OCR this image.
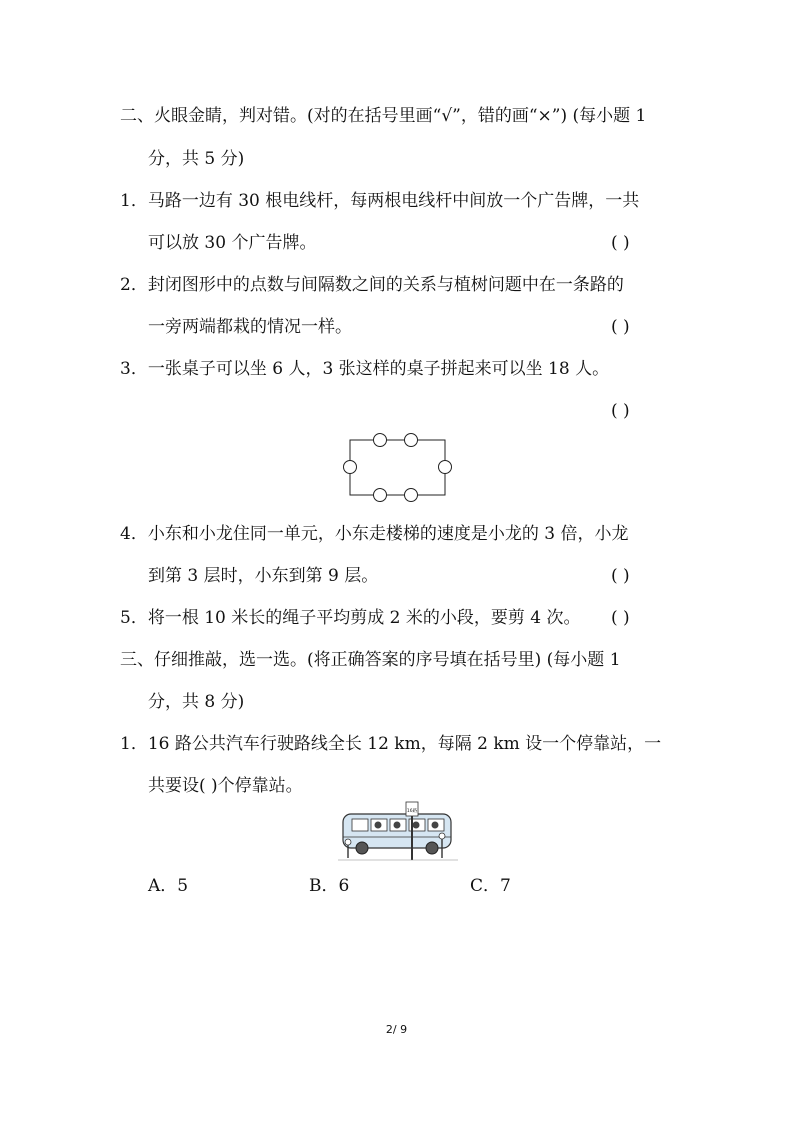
二、火眼金睛，判对错。(对的在括号里画“√”，错的画“×”) (每小题 1
分，共 5 分)
1．马路一边有 30 根电线杆，每两根电线杆中间放一个广告牌，一共
可以放 30 个广告牌。	( )
2．封闭图形中的点数与间隔数之间的关系与植树问题中在一条路的
一旁两端都栽的情况一样。	( )
3．一张桌子可以坐 6 人，3 张这样的桌子拼起来可以坐 18 人。
( )
4．小东和小龙住同一单元，小东走楼梯的速度是小龙的 3 倍，小龙
到第 3 层时，小东到第 9 层。	( )
5．将一根 10 米长的绳子平均剪成 2 米的小段，要剪 4 次。 ( )
三、仔细推敲，选一选。(将正确答案的序号填在括号里) (每小题 1
分，共 8 分)
1．16 路公共汽车行驶路线全长 12 km，每隔 2 km 设一个停靠站，一
共要设( )个停靠站。
16路
A．5	B．6	C．7
2/ 9
